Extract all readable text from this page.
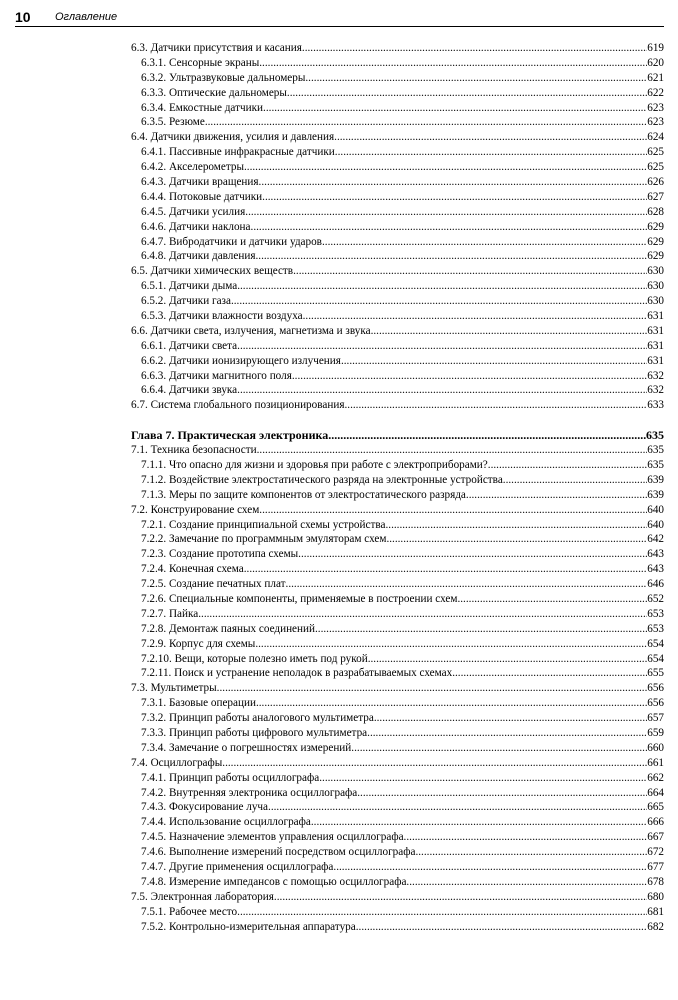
10 Оглавление
6.3. Датчики присутствия и касания .....	619
6.3.1. Сенсорные экраны .....	620
6.3.2. Ультразвуковые дальномеры .....	621
6.3.3. Оптические дальномеры .....	622
6.3.4. Емкостные датчики .....	623
6.3.5. Резюме .....	623
6.4. Датчики движения, усилия и давления .....	624
6.4.1. Пассивные инфракрасные датчики .....	625
6.4.2. Акселерометры .....	625
6.4.3. Датчики вращения .....	626
6.4.4. Потоковые датчики .....	627
6.4.5. Датчики усилия .....	628
6.4.6. Датчики наклона .....	629
6.4.7. Вибродатчики и датчики ударов .....	629
6.4.8. Датчики давления .....	629
6.5. Датчики химических веществ .....	630
6.5.1. Датчики дыма .....	630
6.5.2. Датчики газа .....	630
6.5.3. Датчики влажности воздуха .....	631
6.6. Датчики света, излучения, магнетизма и звука .....	631
6.6.1. Датчики света .....	631
6.6.2. Датчики ионизирующего излучения .....	631
6.6.3. Датчики магнитного поля .....	632
6.6.4. Датчики звука .....	632
6.7. Система глобального позиционирования .....	633
Глава 7. Практическая электроника .....	635
7.1. Техника безопасности .....	635
7.1.1. Что опасно для жизни и здоровья при работе с электроприборами? .....	635
7.1.2. Воздействие электростатического разряда на электронные устройства .....	639
7.1.3. Меры по защите компонентов от электростатического разряда .....	639
7.2. Конструирование схем .....	640
7.2.1. Создание принципиальной схемы устройства .....	640
7.2.2. Замечание по программным эмуляторам схем .....	642
7.2.3. Создание прототипа схемы .....	643
7.2.4. Конечная схема .....	643
7.2.5. Создание печатных плат .....	646
7.2.6. Специальные компоненты, применяемые в построении схем .....	652
7.2.7. Пайка .....	653
7.2.8. Демонтаж паяных соединений .....	653
7.2.9. Корпус для схемы .....	654
7.2.10. Вещи, которые полезно иметь под рукой .....	654
7.2.11. Поиск и устранение неполадок в разрабатываемых схемах .....	655
7.3. Мультиметры .....	656
7.3.1. Базовые операции .....	656
7.3.2. Принцип работы аналогового мультиметра .....	657
7.3.3. Принцип работы цифрового мультиметра .....	659
7.3.4. Замечание о погрешностях измерений .....	660
7.4. Осциллографы .....	661
7.4.1. Принцип работы осциллографа .....	662
7.4.2. Внутренняя электроника осциллографа .....	664
7.4.3. Фокусирование луча .....	665
7.4.4. Использование осциллографа .....	666
7.4.5. Назначение элементов управления осциллографа .....	667
7.4.6. Выполнение измерений посредством осциллографа .....	672
7.4.7. Другие применения осциллографа .....	677
7.4.8. Измерение импедансов с помощью осциллографа .....	678
7.5. Электронная лаборатория .....	680
7.5.1. Рабочее место .....	681
7.5.2. Контрольно-измерительная аппаратура .....	682
